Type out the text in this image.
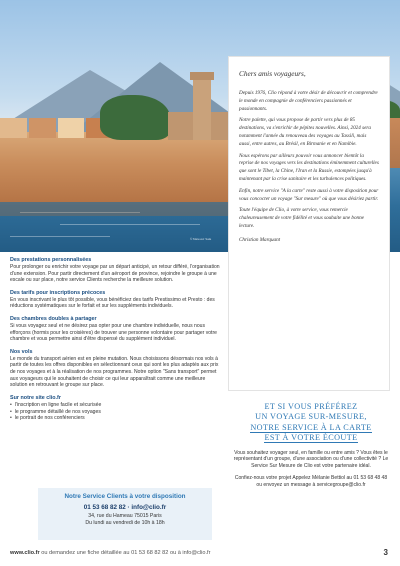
© Mateusz Sala
Chers amis voyageurs,

Depuis 1976, Clio répond à votre désir de découvrir et comprendre le monde en compagnie de conférenciers passionnés et passionnants.

Notre palette, qui vous propose de partir vers plus de 85 destinations, va s'enrichir de pépites nouvelles. Ainsi, 2024 sera notamment l'année du renouveau des voyages au Tassili, mais aussi, entre autres, au Brésil, en Birmanie et en Namibie.

Nous espérons par ailleurs pouvoir vous annoncer bientôt la reprise de nos voyages vers les destinations éminemment culturelles que sont le Tibet, la Chine, l'Iran et la Russie, estompées jusqu'à maintenant par la crise sanitaire et les turbulences politiques.

Enfin, notre service "A la carte" reste aussi à votre disposition pour vous concocter un voyage "Sur mesure" où que vous désiriez partir.

Toute l'équipe de Clio, à votre service, vous remercie chaleureusement de votre fidélité et vous souhaite une bonne lecture.

Christian Marquant

Des prestations personnalisées
Pour prolonger ou enrichir votre voyage par un départ anticipé, un retour différé, l'organisation d'une extension. Pour partir directement d'un aéroport de province, rejoindre le groupe à une escale ou sur place, notre service Clients recherche la meilleure solution.
Des tarifs pour inscriptions précoces
En vous inscrivant le plus tôt possible, vous bénéficiez des tarifs Prestissimo et Presto : des réductions systématiques sur le forfait et sur les suppléments individuels.
Des chambres doubles à partager
Si vous voyagez seul et ne désirez pas opter pour une chambre individuelle, nous nous efforçons (hormis pour les croisières) de trouver une personne volontaire pour partager votre chambre et vous permettre ainsi d'être dispensé du supplément individuel.
Nos vols
Le monde du transport aérien est en pleine mutation. Nous choisissons désormais nos vols à partir de toutes les offres disponibles en sélectionnant ceux qui sont les plus adaptés aux prix de nos voyages et à la réalisation de nos programmes. Notre option "Sans transport" permet aux voyageurs qui le souhaitent de choisir ce qui leur apparaîtrait comme une meilleure solution en retrouvant le groupe sur place.
Sur notre site clio.fr
• l'inscription en ligne facile et sécurisée
• le programme détaillé de nos voyages
• le portrait de nos conférenciers
Notre Service Clients à votre disposition
01 53 68 82 82 · info@clio.fr
34, rue du Hameau 75015 Paris
Du lundi au vendredi de 10h à 18h
ET SI VOUS PRÉFÉREZ
UN VOYAGE SUR-MESURE,
NOTRE SERVICE À LA CARTE
EST À VOTRE ÉCOUTE
Vous souhaitez voyager seul, en famille ou entre amis ? Vous êtes le représentant d'un groupe, d'une association ou d'une collectivité ? Le Service Sur Mesure de Clio est votre partenaire idéal.
Confiez-nous votre projet Appelez Mélanie Bettiol au 01 53 68 48 48 ou envoyez un message à servicegroupe@clio.fr
www.clio.fr ou demandez une fiche détaillée au 01 53 68 82 82 ou à info@clio.fr	3
